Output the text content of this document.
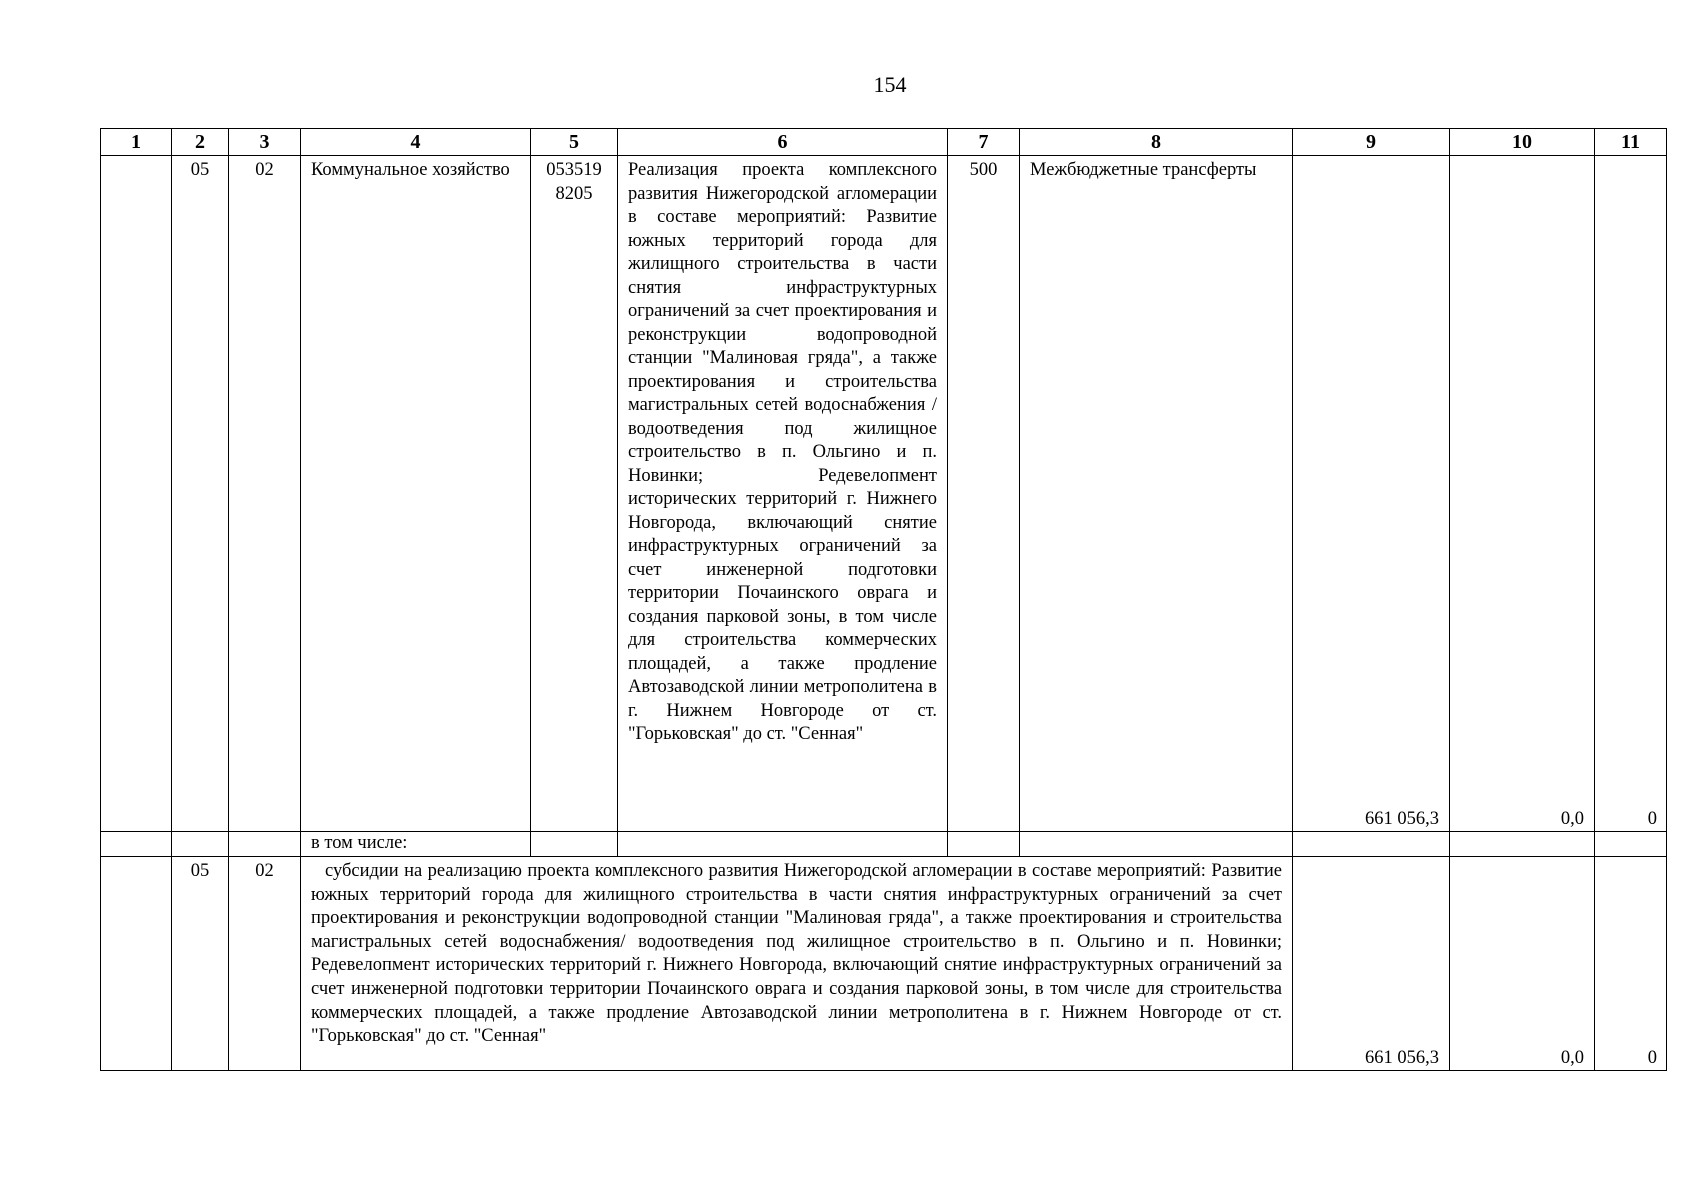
154
1	2	3	4	5	6	7	8	9	10	11
	05	02	Коммунальное хозяйство	053519 8205	Реализация проекта комплексного развития Нижегородской агломерации в составе мероприятий: Развитие южных территорий города для жилищного строительства в части снятия инфраструктурных ограничений за счет проектирования и реконструкции водопроводной станции "Малиновая гряда", а также проектирования и строительства магистральных сетей водоснабжения / водоотведения под жилищное строительство в п. Ольгино и п. Новинки; Редевелопмент исторических территорий г. Нижнего Новгорода, включающий снятие инфраструктурных ограничений за счет инженерной подготовки территории Почаинского оврага и создания парковой зоны, в том числе для строительства коммерческих площадей, а также продление Автозаводской линии метрополитена в г. Нижнем Новгороде от ст. "Горьковская" до ст. "Сенная"	500	Межбюджетные трансферты	661 056,3	0,0	0
			в том числе:							
	05	02	субсидии на реализацию проекта комплексного развития Нижегородской агломерации в составе мероприятий: Развитие южных территорий города для жилищного строительства в части снятия инфраструктурных ограничений за счет проектирования и реконструкции водопроводной станции "Малиновая гряда", а также проектирования и строительства магистральных сетей водоснабжения/ водоотведения под жилищное строительство в п. Ольгино и п. Новинки; Редевелопмент исторических территорий г. Нижнего Новгорода, включающий снятие инфраструктурных ограничений за счет инженерной подготовки территории Почаинского оврага и создания парковой зоны, в том числе для строительства коммерческих площадей, а также продление Автозаводской линии метрополитена в г. Нижнем Новгороде от ст. "Горьковская" до ст. "Сенная"					661 056,3	0,0	0
